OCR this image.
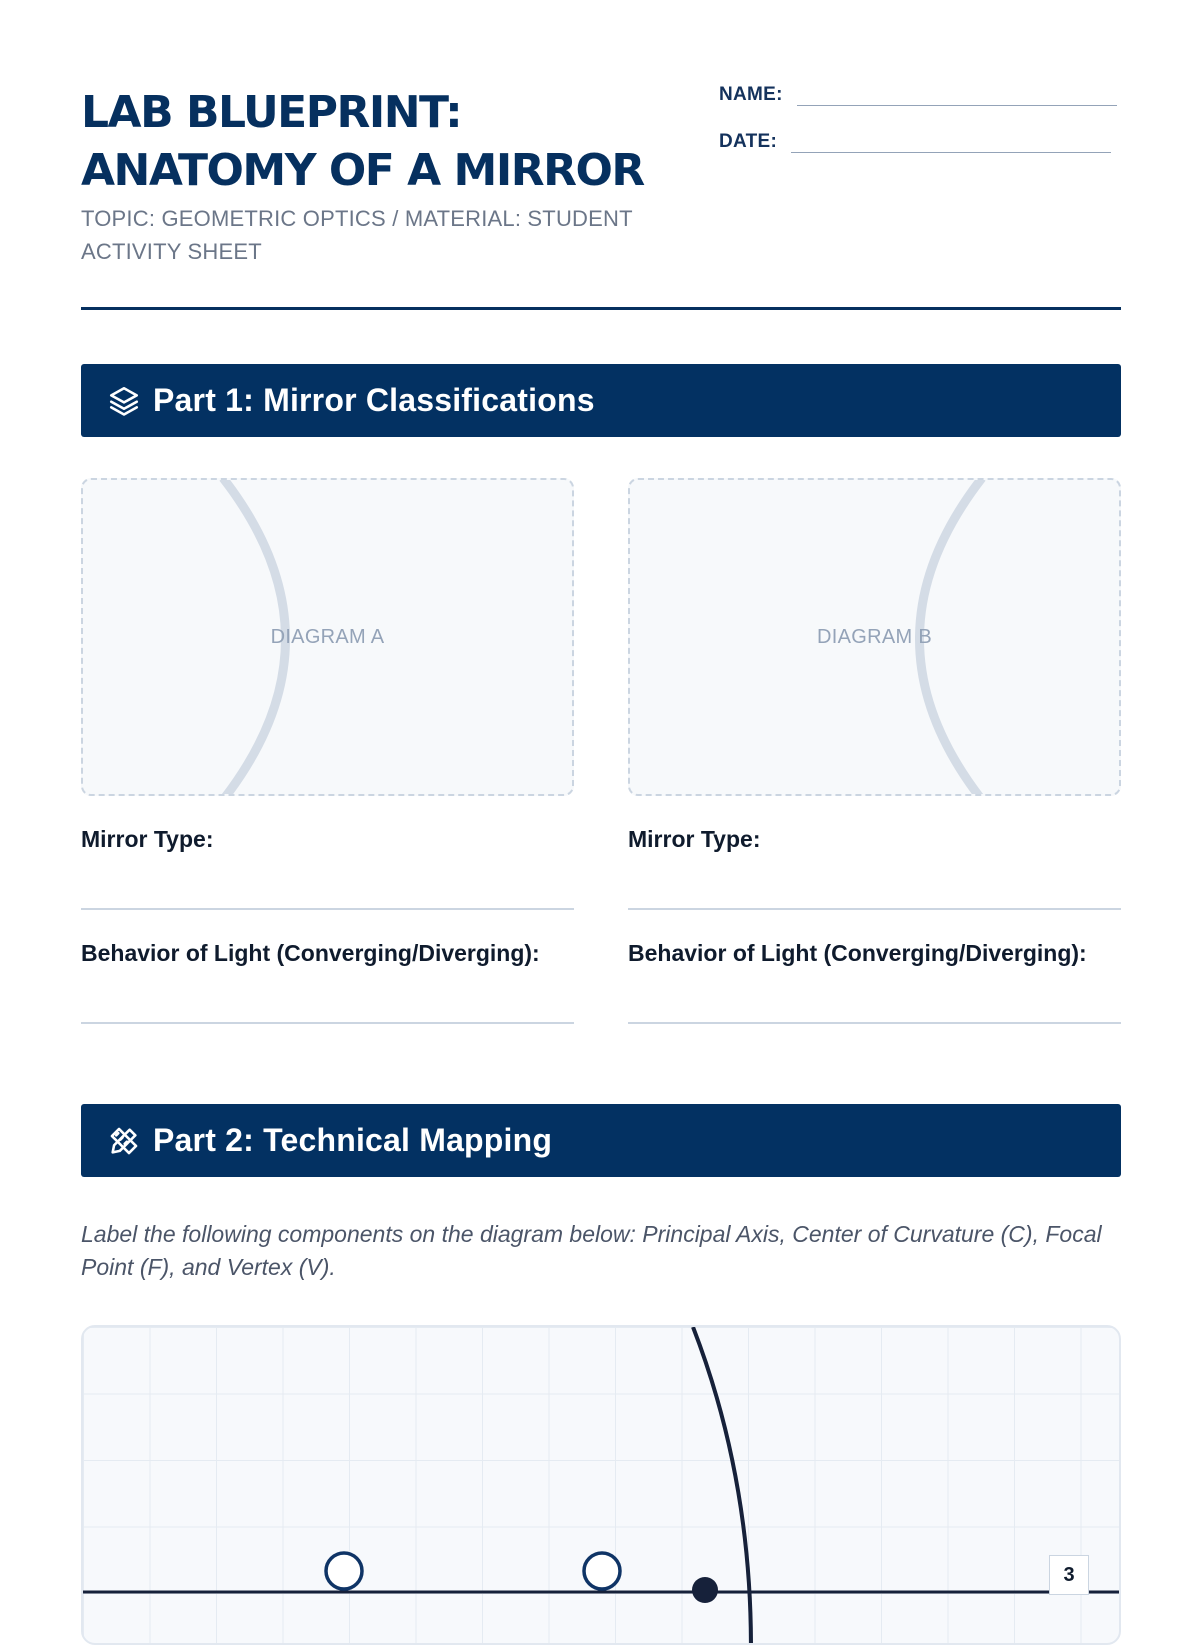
LAB BLUEPRINT:
ANATOMY OF A MIRROR
TOPIC: GEOMETRIC OPTICS / MATERIAL: STUDENT ACTIVITY SHEET
NAME:
DATE:
Part 1: Mirror Classifications
DIAGRAM A	DIAGRAM B
Mirror Type:	Mirror Type:
Behavior of Light (Converging/Diverging):	Behavior of Light (Converging/Diverging):
Part 2: Technical Mapping
Label the following components on the diagram below: Principal Axis, Center of Curvature (C), Focal Point (F), and Vertex (V).
3
